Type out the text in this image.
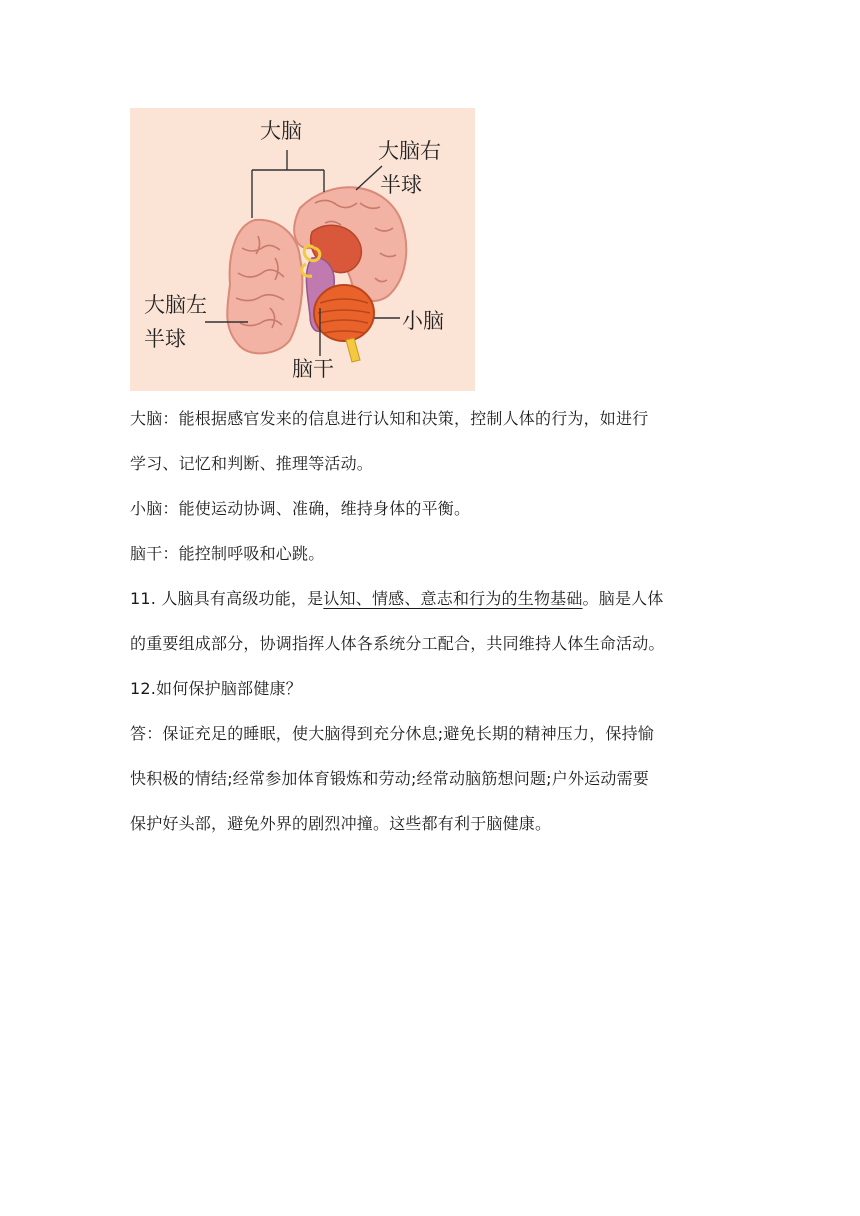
大脑
大脑右
半球
大脑左
半球
小脑
脑干

大脑：能根据感官发来的信息进行认知和决策，控制人体的行为，如进行

学习、记忆和判断、推理等活动。

小脑：能使运动协调、准确，维持身体的平衡。

脑干：能控制呼吸和心跳。

11. 人脑具有高级功能，是认知、情感、意志和行为的生物基础。脑是人体

的重要组成部分，协调指挥人体各系统分工配合，共同维持人体生命活动。

12.如何保护脑部健康？

答：保证充足的睡眠，使大脑得到充分休息;避免长期的精神压力，保持愉

快积极的情结;经常参加体育锻炼和劳动;经常动脑筋想问题;户外运动需要

保护好头部，避免外界的剧烈冲撞。这些都有利于脑健康。
